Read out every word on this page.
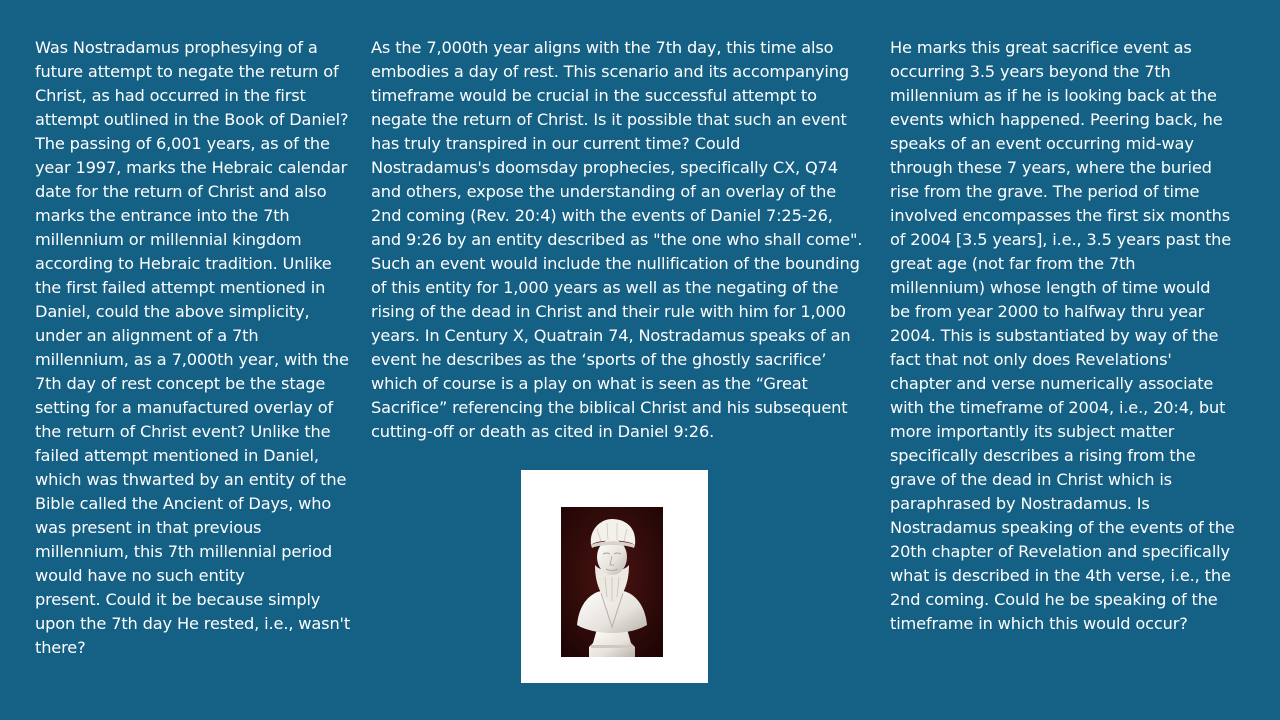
Was Nostradamus prophesying of a future attempt to negate the return of Christ, as had occurred in the first attempt outlined in the Book of Daniel? The passing of 6,001 years, as of the year 1997, marks the Hebraic calendar date for the return of Christ and also marks the entrance into the 7th millennium or millennial kingdom according to Hebraic tradition. Unlike the first failed attempt mentioned in Daniel, could the above simplicity, under an alignment of a 7th millennium, as a 7,000th year, with the 7th day of rest concept be the stage setting for a manufactured overlay of the return of Christ event? Unlike the failed attempt mentioned in Daniel, which was thwarted by an entity of the Bible called the Ancient of Days, who was present in that previous millennium, this 7th millennial period would have no such entity
present. Could it be because simply upon the 7th day He rested, i.e., wasn't there?

As the 7,000th year aligns with the 7th day, this time also embodies a day of rest. This scenario and its accompanying timeframe would be crucial in the successful attempt to negate the return of Christ. Is it possible that such an event has truly transpired in our current time? Could Nostradamus's doomsday prophecies, specifically CX, Q74 and others, expose the understanding of an overlay of the 2nd coming (Rev. 20:4) with the events of Daniel 7:25-26, and 9:26 by an entity described as "the one who shall come". Such an event would include the nullification of the bounding of this entity for 1,000 years as well as the negating of the rising of the dead in Christ and their rule with him for 1,000 years. In Century X, Quatrain 74, Nostradamus speaks of an event he describes as the ‘sports of the ghostly sacrifice’ which of course is a play on what is seen as the “Great Sacrifice” referencing the biblical Christ and his subsequent cutting-off or death as cited in Daniel 9:26.

He marks this great sacrifice event as occurring 3.5 years beyond the 7th millennium as if he is looking back at the events which happened. Peering back, he speaks of an event occurring mid-way through these 7 years, where the buried rise from the grave. The period of time involved encompasses the first six months of 2004 [3.5 years], i.e., 3.5 years past the great age (not far from the 7th millennium) whose length of time would be from year 2000 to halfway thru year 2004. This is substantiated by way of the fact that not only does Revelations' chapter and verse numerically associate with the timeframe of 2004, i.e., 20:4, but more importantly its subject matter specifically describes a rising from the grave of the dead in Christ which is paraphrased by Nostradamus. Is Nostradamus speaking of the events of the 20th chapter of Revelation and specifically what is described in the 4th verse, i.e., the 2nd coming. Could he be speaking of the timeframe in which this would occur?
